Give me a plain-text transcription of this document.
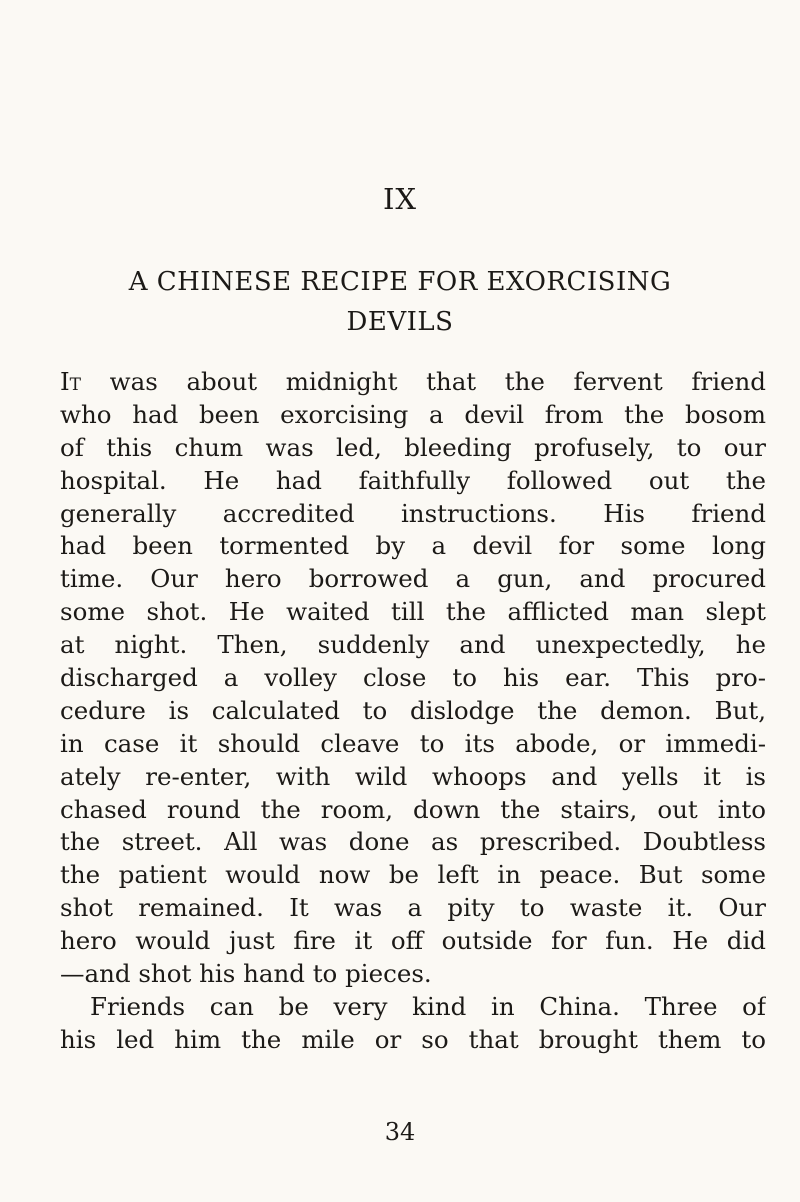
IX
A CHINESE RECIPE FOR EXORCISING
DEVILS
It was about midnight that the fervent friend
who had been exorcising a devil from the bosom
of this chum was led, bleeding profusely, to our
hospital. He had faithfully followed out the
generally accredited instructions. His friend
had been tormented by a devil for some long
time. Our hero borrowed a gun, and procured
some shot. He waited till the afflicted man slept
at night. Then, suddenly and unexpectedly, he
discharged a volley close to his ear. This pro-
cedure is calculated to dislodge the demon. But,
in case it should cleave to its abode, or immedi-
ately re-enter, with wild whoops and yells it is
chased round the room, down the stairs, out into
the street. All was done as prescribed. Doubtless
the patient would now be left in peace. But some
shot remained. It was a pity to waste it. Our
hero would just fire it off outside for fun. He did
—and shot his hand to pieces.
Friends can be very kind in China. Three of
his led him the mile or so that brought them to
34
